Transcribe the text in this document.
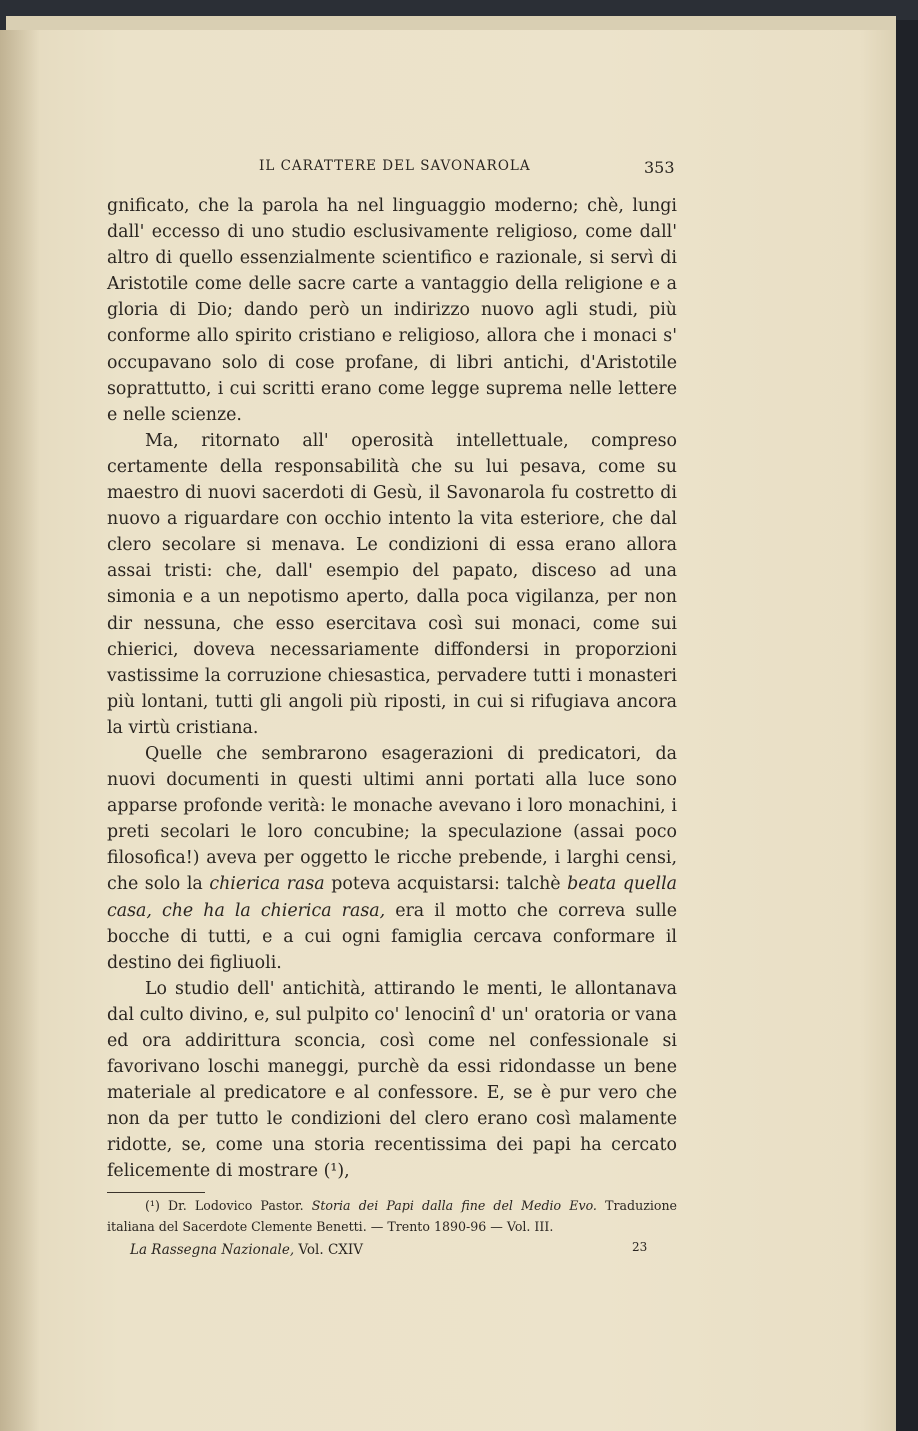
IL CARATTERE DEL SAVONAROLA	353

gnificato, che la parola ha nel linguaggio moderno; chè, lungi dall' eccesso di uno studio esclusivamente religioso, come dall' altro di quello essenzialmente scientifico e razionale, si servì di Aristotile come delle sacre carte a vantaggio della religione e a gloria di Dio; dando però un indirizzo nuovo agli studi, più conforme allo spirito cristiano e religioso, allora che i monaci s' occupavano solo di cose profane, di libri antichi, d'Aristotile soprattutto, i cui scritti erano come legge suprema nelle lettere e nelle scienze.

Ma, ritornato all' operosità intellettuale, compreso certamente della responsabilità che su lui pesava, come su maestro di nuovi sacerdoti di Gesù, il Savonarola fu costretto di nuovo a riguardare con occhio intento la vita esteriore, che dal clero secolare si menava. Le condizioni di essa erano allora assai tristi: che, dall' esempio del papato, disceso ad una simonia e a un nepotismo aperto, dalla poca vigilanza, per non dir nessuna, che esso esercitava così sui monaci, come sui chierici, doveva necessariamente diffondersi in proporzioni vastissime la corruzione chiesastica, pervadere tutti i monasteri più lontani, tutti gli angoli più riposti, in cui si rifugiava ancora la virtù cristiana.

Quelle che sembrarono esagerazioni di predicatori, da nuovi documenti in questi ultimi anni portati alla luce sono apparse profonde verità: le monache avevano i loro monachini, i preti secolari le loro concubine; la speculazione (assai poco filosofica!) aveva per oggetto le ricche prebende, i larghi censi, che solo la chierica rasa poteva acquistarsi: talchè beata quella casa, che ha la chierica rasa, era il motto che correva sulle bocche di tutti, e a cui ogni famiglia cercava conformare il destino dei figliuoli.

Lo studio dell' antichità, attirando le menti, le allontanava dal culto divino, e, sul pulpito co' lenocinî d' un' oratoria or vana ed ora addirittura sconcia, così come nel confessionale si favorivano loschi maneggi, purchè da essi ridondasse un bene materiale al predicatore e al confessore. E, se è pur vero che non da per tutto le condizioni del clero erano così malamente ridotte, se, come una storia recentissima dei papi ha cercato felicemente di mostrare (¹),

(¹) Dr. Lodovico Pastor. Storia dei Papi dalla fine del Medio Evo. Traduzione italiana del Sacerdote Clemente Benetti. — Trento 1890-96 — Vol. III.
La Rassegna Nazionale, Vol. CXIV	23
